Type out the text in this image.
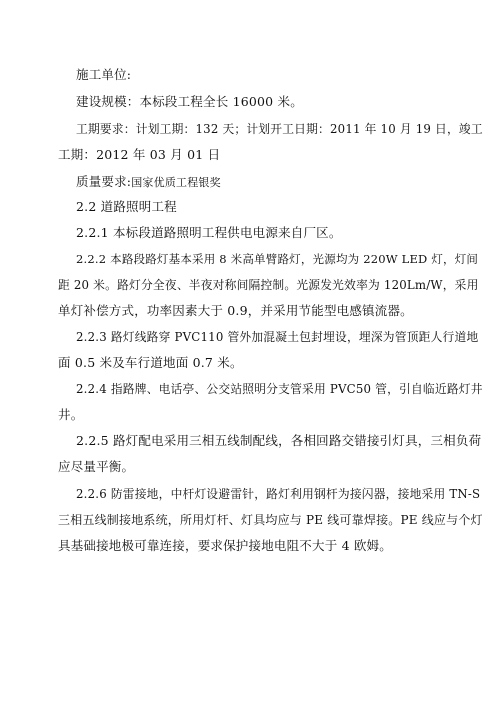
施工单位:
建设规模：本标段工程全长 16000 米。
工期要求：计划工期：132 天；计划开工日期：2011 年 10 月 19 日，竣工
工期：2012 年 03 月 01 日
质量要求:国家优质工程银奖
2.2 道路照明工程
2.2.1 本标段道路照明工程供电电源来自厂区。
2.2.2 本路段路灯基本采用 8 米高单臂路灯，光源均为 220W LED 灯，灯间
距 20 米。路灯分全夜、半夜对称间隔控制。光源发光效率为 120Lm/W，采用
单灯补偿方式，功率因素大于 0.9，并采用节能型电感镇流器。
2.2.3 路灯线路穿 PVC110 管外加混凝土包封埋设，埋深为管顶距人行道地
面 0.5 米及车行道地面 0.7 米。
2.2.4 指路牌、电话亭、公交站照明分支管采用 PVC50 管，引自临近路灯井
井。
2.2.5 路灯配电采用三相五线制配线，各相回路交错接引灯具，三相负荷
应尽量平衡。
2.2.6 防雷接地，中杆灯设避雷针，路灯利用钢杆为接闪器，接地采用 TN-S
三相五线制接地系统，所用灯杆、灯具均应与 PE 线可靠焊接。PE 线应与个灯
具基础接地极可靠连接，要求保护接地电阻不大于 4 欧姆。
